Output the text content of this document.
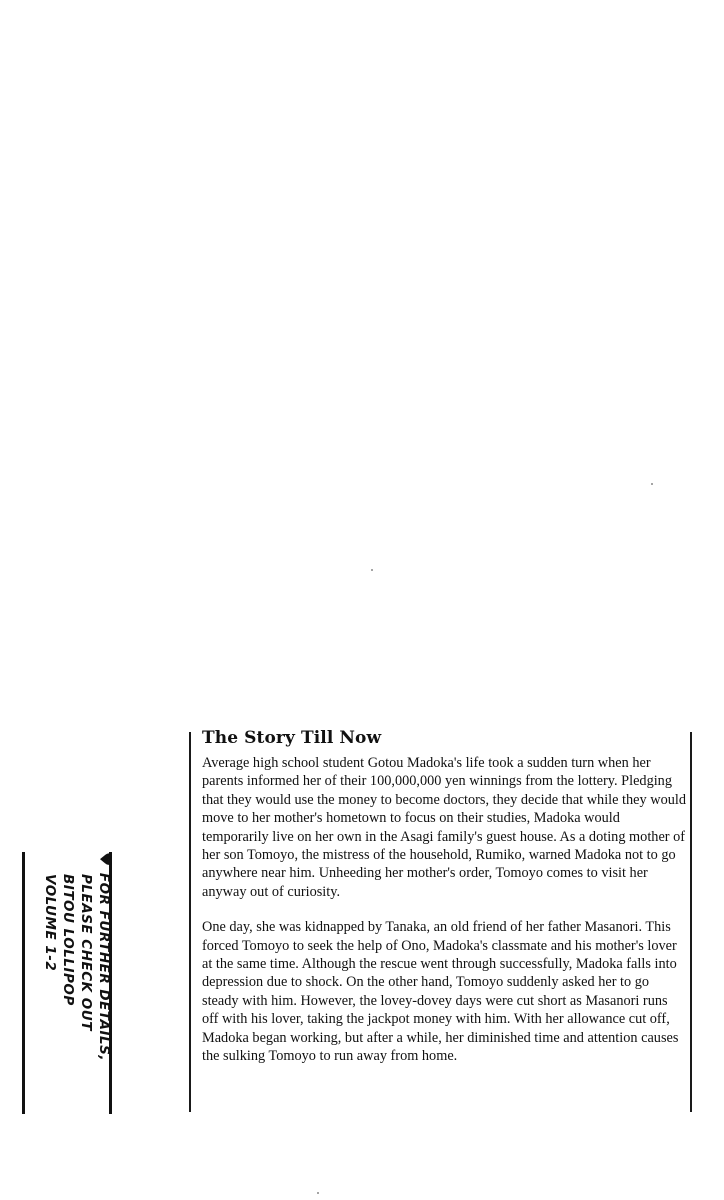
The Story Till Now

Average high school student Gotou Madoka's life took a sudden turn when her parents informed her of their 100,000,000 yen winnings from the lottery. Pledging that they would use the money to become doctors, they decide that while they would move to her mother's hometown to focus on their studies, Madoka would temporarily live on her own in the Asagi family's guest house. As a doting mother of her son Tomoyo, the mistress of the household, Rumiko, warned Madoka not to go anywhere near him. Unheeding her mother's order, Tomoyo comes to visit her anyway out of curiosity.

One day, she was kidnapped by Tanaka, an old friend of her father Masanori. This forced Tomoyo to seek the help of Ono, Madoka's classmate and his mother's lover at the same time. Although the rescue went through successfully, Madoka falls into depression due to shock. On the other hand, Tomoyo suddenly asked her to go steady with him. However, the lovey-dovey days were cut short as Masanori runs off with his lover, taking the jackpot money with him. With her allowance cut off, Madoka began working, but after a while, her diminished time and attention causes the sulking Tomoyo to run away from home.

♥FOR FURTHER DETAILS,
PLEASE CHECK OUT
BITOU LOLLIPOP
VOLUME 1-2
